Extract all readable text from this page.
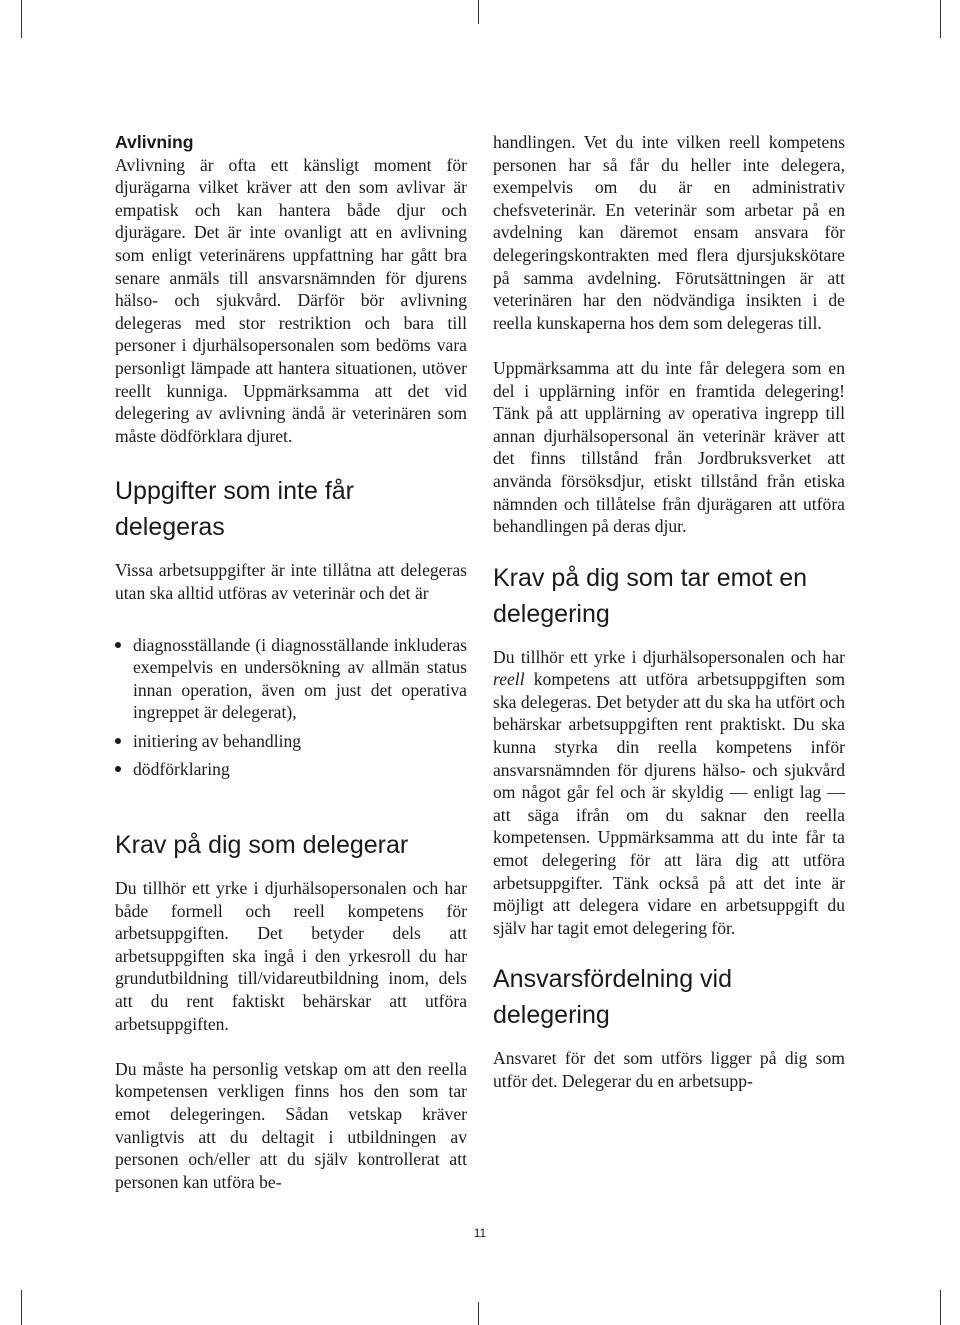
Avlivning

Avlivning är ofta ett känsligt moment för djurägarna vilket kräver att den som avlivar är empatisk och kan hantera både djur och djurägare. Det är inte ovanligt att en avlivning som enligt veterinärens uppfattning har gått bra senare anmäls till ansvarsnämnden för djurens hälso- och sjukvård. Därför bör avlivning delegeras med stor restriktion och bara till personer i djurhälsopersonalen som bedöms vara personligt lämpade att hantera situationen, utöver reellt kunniga. Uppmärksamma att det vid delegering av avlivning ändå är veterinären som måste dödförklara djuret.

Uppgifter som inte får delegeras

Vissa arbetsuppgifter är inte tillåtna att delegeras utan ska alltid utföras av veterinär och det är

diagnosställande (i diagnosställande inkluderas exempelvis en undersökning av allmän status innan operation, även om just det operativa ingreppet är delegerat),
initiering av behandling
dödförklaring
Krav på dig som delegerar

Du tillhör ett yrke i djurhälsopersonalen och har både formell och reell kompetens för arbetsuppgiften. Det betyder dels att arbetsuppgiften ska ingå i den yrkesroll du har grundutbildning till/vidareutbildning inom, dels att du rent faktiskt behärskar att utföra arbetsuppgiften.

Du måste ha personlig vetskap om att den reella kompetensen verkligen finns hos den som tar emot delegeringen. Sådan vetskap kräver vanligtvis att du deltagit i utbildningen av personen och/eller att du själv kontrollerat att personen kan utföra be-

handlingen. Vet du inte vilken reell kompetens personen har så får du heller inte delegera, exempelvis om du är en administrativ chefsveterinär. En veterinär som arbetar på en avdelning kan däremot ensam ansvara för delegeringskontrakten med flera djursjukskötare på samma avdelning. Förutsättningen är att veterinären har den nödvändiga insikten i de reella kunskaperna hos dem som delegeras till.

Uppmärksamma att du inte får delegera som en del i upplärning inför en framtida delegering! Tänk på att upplärning av operativa ingrepp till annan djurhälsopersonal än veterinär kräver att det finns tillstånd från Jordbruksverket att använda försöksdjur, etiskt tillstånd från etiska nämnden och tillåtelse från djurägaren att utföra behandlingen på deras djur.

Krav på dig som tar emot en delegering

Du tillhör ett yrke i djurhälsopersonalen och har reell kompetens att utföra arbetsuppgiften som ska delegeras. Det betyder att du ska ha utfört och behärskar arbetsuppgiften rent praktiskt. Du ska kunna styrka din reella kompetens inför ansvarsnämnden för djurens hälso- och sjukvård om något går fel och är skyldig — enligt lag — att säga ifrån om du saknar den reella kompetensen. Uppmärksamma att du inte får ta emot delegering för att lära dig att utföra arbetsuppgifter. Tänk också på att det inte är möjligt att delegera vidare en arbetsuppgift du själv har tagit emot delegering för.

Ansvarsfördelning vid delegering

Ansvaret för det som utförs ligger på dig som utför det. Delegerar du en arbetsupp-

11
